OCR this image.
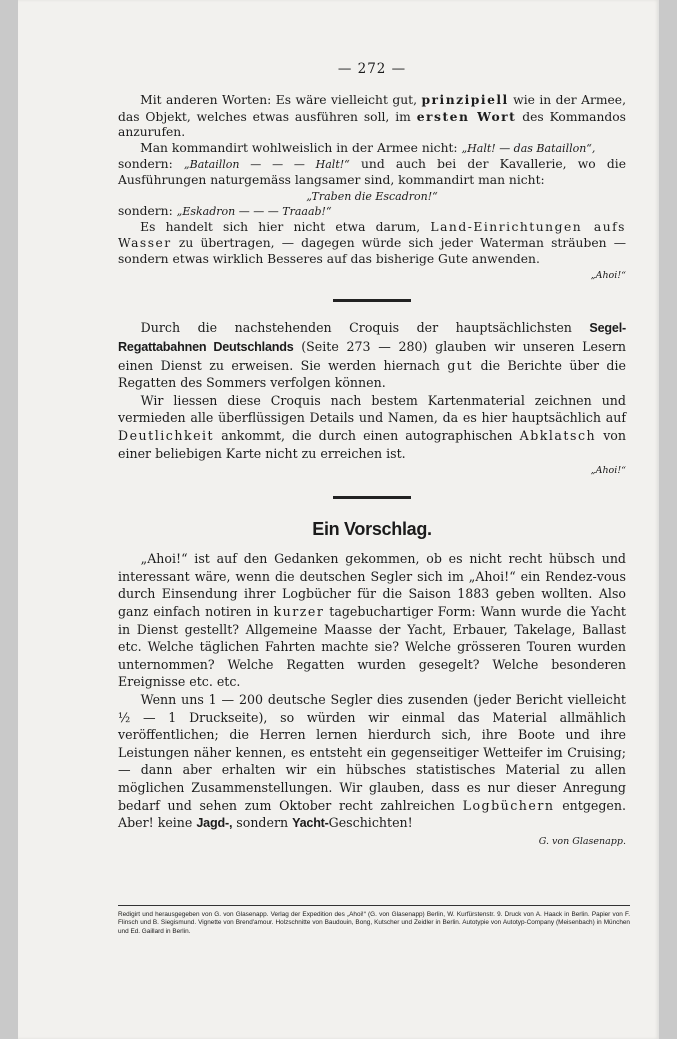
— 272 —

Mit anderen Worten: Es wäre vielleicht gut, prinzipiell wie in der Armee, das Objekt, welches etwas ausführen soll, im ersten Wort des Kommandos anzurufen.

Man kommandirt wohlweislich in der Armee nicht: „Halt! — das Bataillon“,

sondern: „Bataillon — — — Halt!“ und auch bei der Kavallerie, wo die Ausführungen naturgemäss langsamer sind, kommandirt man nicht:

„Traben die Escadron!“

sondern: „Eskadron — — — Traaab!“

Es handelt sich hier nicht etwa darum, Land-Einrichtungen aufs Wasser zu übertragen, — dagegen würde sich jeder Waterman sträuben — sondern etwas wirklich Besseres auf das bisherige Gute anwenden.

„Ahoi!“

Durch die nachstehenden Croquis der hauptsächlichsten Segel-Regattabahnen Deutschlands (Seite 273 — 280) glauben wir unseren Lesern einen Dienst zu erweisen. Sie werden hiernach gut die Berichte über die Regatten des Sommers verfolgen können.

Wir liessen diese Croquis nach bestem Kartenmaterial zeichnen und vermieden alle überflüssigen Details und Namen, da es hier hauptsächlich auf Deutlichkeit ankommt, die durch einen autographischen Abklatsch von einer beliebigen Karte nicht zu erreichen ist.

„Ahoi!“
Ein Vorschlag.

„Ahoi!“ ist auf den Gedanken gekommen, ob es nicht recht hübsch und interessant wäre, wenn die deutschen Segler sich im „Ahoi!“ ein Rendez-vous durch Einsendung ihrer Logbücher für die Saison 1883 geben wollten. Also ganz einfach notiren in kurzer tagebuchartiger Form: Wann wurde die Yacht in Dienst gestellt? Allgemeine Maasse der Yacht, Erbauer, Takelage, Ballast etc. Welche täglichen Fahrten machte sie? Welche grösseren Touren wurden unternommen? Welche Regatten wurden gesegelt? Welche besonderen Ereignisse etc. etc.

Wenn uns 1 — 200 deutsche Segler dies zusenden (jeder Bericht vielleicht ½ — 1 Druckseite), so würden wir einmal das Material allmählich veröffentlichen; die Herren lernen hierdurch sich, ihre Boote und ihre Leistungen näher kennen, es entsteht ein gegenseitiger Wetteifer im Cruising; — dann aber erhalten wir ein hübsches statistisches Material zu allen möglichen Zusammenstellungen. Wir glauben, dass es nur dieser Anregung bedarf und sehen zum Oktober recht zahlreichen Logbüchern entgegen. Aber! keine Jagd-, sondern Yacht-Geschichten!

G. von Glasenapp.
Redigirt und herausgegeben von G. von Glasenapp. Verlag der Expedition des „Ahoi!“ (G. von Glasenapp) Berlin, W. Kurfürstenstr. 9. Druck von A. Haack in Berlin. Papier von F. Flinsch und B. Siegismund. Vignette von Brend'amour. Holzschnitte von Baudouin, Bong, Kutscher und Zeidler in Berlin. Autotypie von Autotyp-Company (Meisenbach) in München und Ed. Gaillard in Berlin.
